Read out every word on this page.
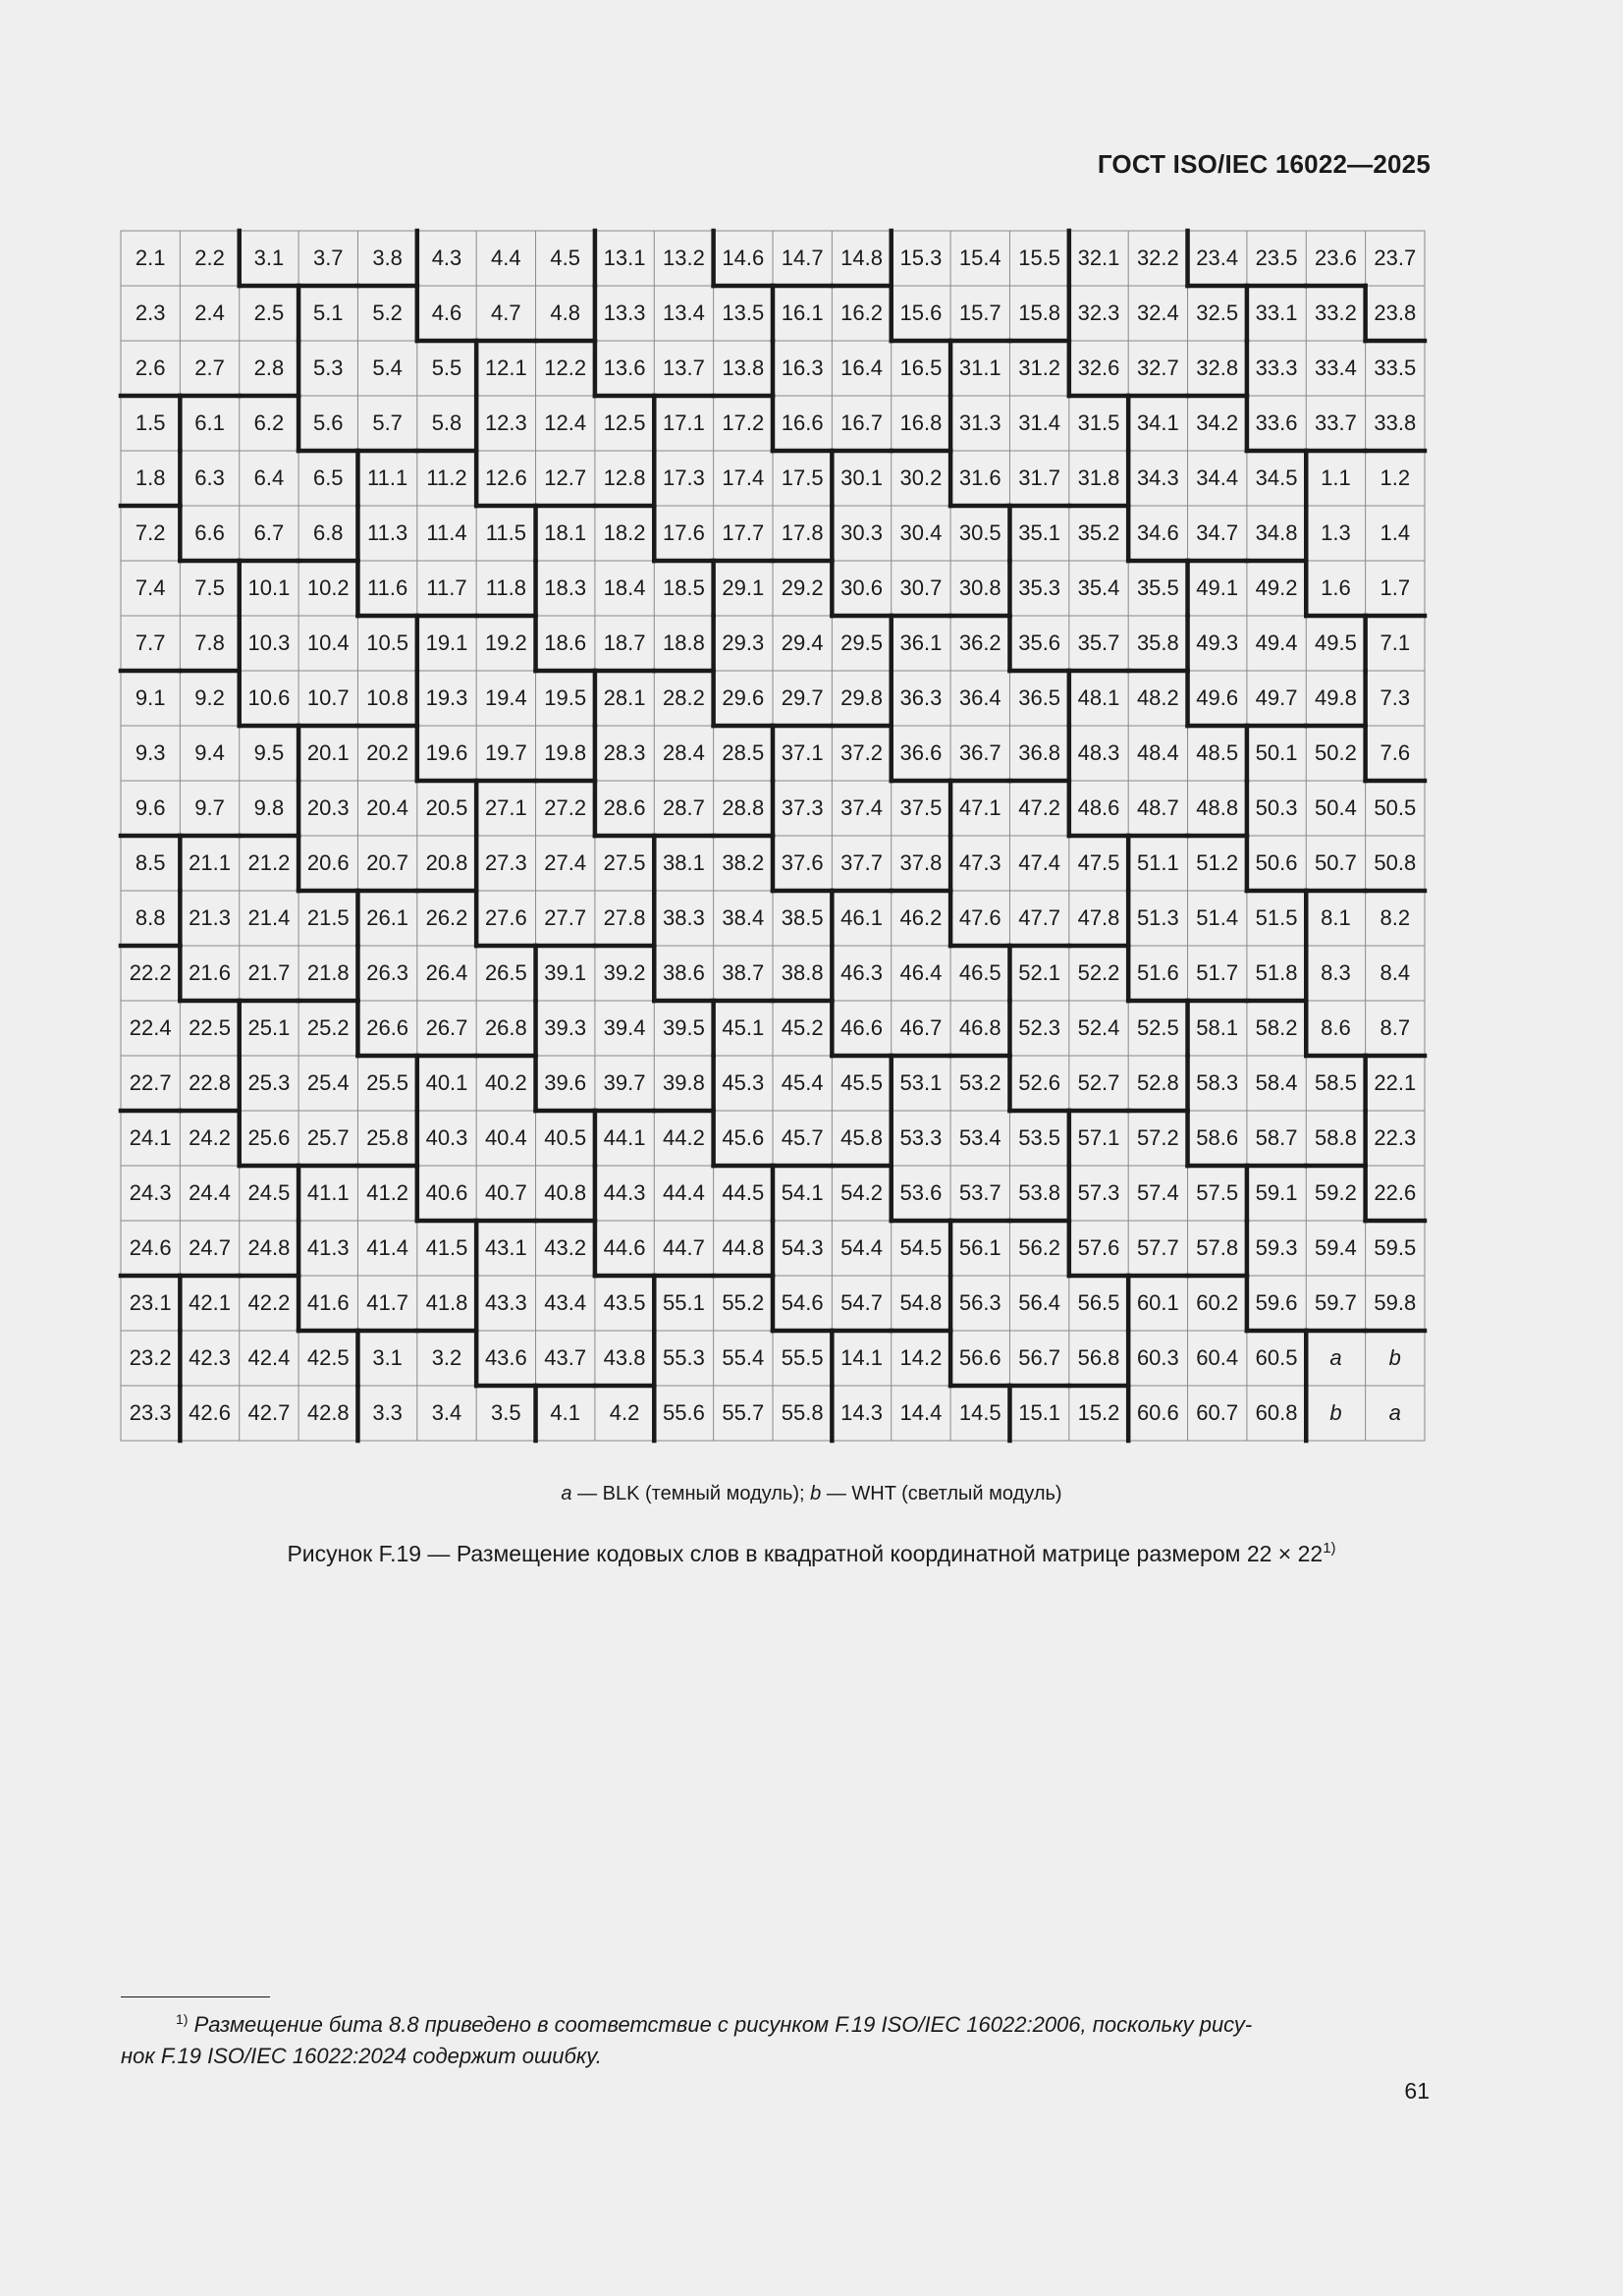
ГОСТ ISO/IEC 16022—2025
2.1	2.2	3.1	3.7	3.8	4.3	4.4	4.5	13.1 13.2 14.6 14.7 14.8 15.3 15.4 15.5 32.1 32.2 23.4 23.5 23.6 23.7
2.3	2.4	2.5	5.1	5.2	4.6	4.7	4.8	13.3 13.4 13.5 16.1 16.2 15.6 15.7 15.8 32.3 32.4 32.5 33.1 33.2 23.8
2.6	2.7	2.8	5.3	5.4	5.5	12.1 12.2 13.6 13.7 13.8 16.3 16.4 16.5 31.1 31.2 32.6 32.7 32.8 33.3 33.4 33.5
1.5	6.1	6.2	5.6	5.7	5.8	12.3 12.4 12.5 17.1 17.2 16.6 16.7 16.8 31.3 31.4 31.5 34.1 34.2 33.6 33.7 33.8
1.8	6.3	6.4	6.5	11.1 11.2 12.6 12.7 12.8 17.3 17.4 17.5 30.1 30.2 31.6 31.7 31.8 34.3 34.4 34.5	1.1	1.2
7.2	6.6	6.7	6.8	11.3 11.4 11.5 18.1 18.2 17.6 17.7 17.8 30.3 30.4 30.5 35.1 35.2 34.6 34.7 34.8	1.3	1.4
7.4	7.5	10.1 10.2 11.6 11.7 11.8 18.3 18.4 18.5 29.1 29.2 30.6 30.7 30.8 35.3 35.4 35.5 49.1 49.2	1.6	1.7
7.7	7.8	10.3 10.4 10.5 19.1 19.2 18.6 18.7 18.8 29.3 29.4 29.5 36.1 36.2 35.6 35.7 35.8 49.3 49.4 49.5	7.1
9.1	9.2	10.6 10.7 10.8 19.3 19.4 19.5 28.1 28.2 29.6 29.7 29.8 36.3 36.4 36.5 48.1 48.2 49.6 49.7 49.8	7.3
9.3	9.4	9.5	20.1 20.2 19.6 19.7 19.8 28.3 28.4 28.5 37.1 37.2 36.6 36.7 36.8 48.3 48.4 48.5 50.1 50.2	7.6
9.6	9.7	9.8	20.3 20.4 20.5 27.1 27.2 28.6 28.7 28.8 37.3 37.4 37.5 47.1 47.2 48.6 48.7 48.8 50.3 50.4 50.5
8.5	21.1 21.2 20.6 20.7 20.8 27.3 27.4 27.5 38.1 38.2 37.6 37.7 37.8 47.3 47.4 47.5 51.1 51.2 50.6 50.7 50.8
8.8	21.3 21.4 21.5 26.1 26.2 27.6 27.7 27.8 38.3 38.4 38.5 46.1 46.2 47.6 47.7 47.8 51.3 51.4 51.5	8.1	8.2
22.2 21.6 21.7 21.8 26.3 26.4 26.5 39.1 39.2 38.6 38.7 38.8 46.3 46.4 46.5 52.1 52.2 51.6 51.7 51.8	8.3	8.4
22.4 22.5 25.1 25.2 26.6 26.7 26.8 39.3 39.4 39.5 45.1 45.2 46.6 46.7 46.8 52.3 52.4 52.5 58.1 58.2	8.6	8.7
22.7 22.8 25.3 25.4 25.5 40.1 40.2 39.6 39.7 39.8 45.3 45.4 45.5 53.1 53.2 52.6 52.7 52.8 58.3 58.4 58.5 22.1
24.1 24.2 25.6 25.7 25.8 40.3 40.4 40.5 44.1 44.2 45.6 45.7 45.8 53.3 53.4 53.5 57.1 57.2 58.6 58.7 58.8 22.3
24.3 24.4 24.5 41.1 41.2 40.6 40.7 40.8 44.3 44.4 44.5 54.1 54.2 53.6 53.7 53.8 57.3 57.4 57.5 59.1 59.2 22.6
24.6 24.7 24.8 41.3 41.4 41.5 43.1 43.2 44.6 44.7 44.8 54.3 54.4 54.5 56.1 56.2 57.6 57.7 57.8 59.3 59.4 59.5
23.1 42.1 42.2 41.6 41.7 41.8 43.3 43.4 43.5 55.1 55.2 54.6 54.7 54.8 56.3 56.4 56.5 60.1 60.2 59.6 59.7 59.8
23.2 42.3 42.4 42.5	3.1	3.2	43.6 43.7 43.8 55.3 55.4 55.5 14.1 14.2 56.6 56.7 56.8 60.3 60.4 60.5	a	b
23.3 42.6 42.7 42.8	3.3	3.4	3.5	4.1	4.2	55.6 55.7 55.8 14.3 14.4 14.5 15.1 15.2 60.6 60.7 60.8	b	a
a — BLK (темный модуль); b — WHT (светлый модуль)
Рисунок F.19 — Размещение кодовых слов в квадратной координатной матрице размером $22 \times 22^{1)}$
$^{1)}$ Размещение бита 8.8 приведено в соответствие с рисунком F.19 ISO/IEC 16022:2006, поскольку рису-
нок F.19 ISO/IEC 16022:2024 содержит ошибку.
61
